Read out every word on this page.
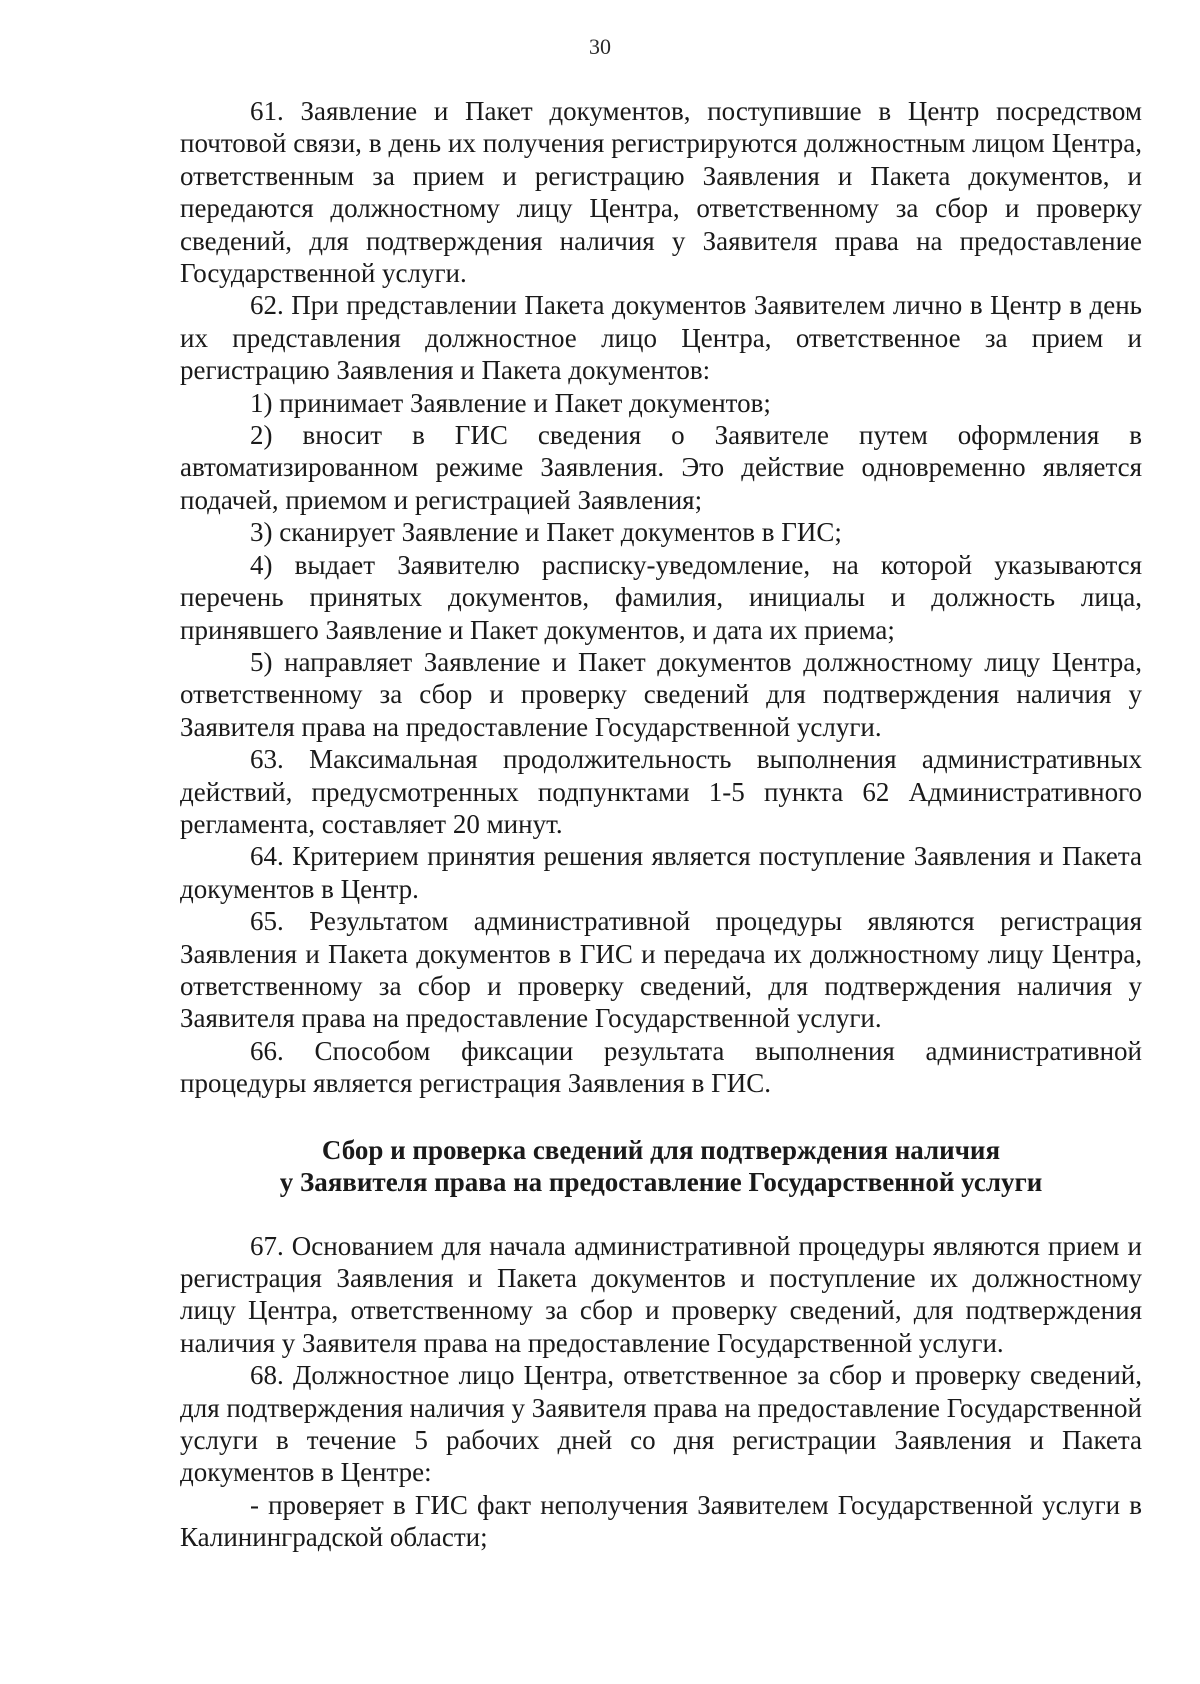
30

61. Заявление и Пакет документов, поступившие в Центр посредством почтовой связи, в день их получения регистрируются должностным лицом Центра, ответственным за прием и регистрацию Заявления и Пакета документов, и передаются должностному лицу Центра, ответственному за сбор и проверку сведений, для подтверждения наличия у Заявителя права на предоставление Государственной услуги.

62. При представлении Пакета документов Заявителем лично в Центр в день их представления должностное лицо Центра, ответственное за прием и регистрацию Заявления и Пакета документов:

1) принимает Заявление и Пакет документов;

2) вносит в ГИС сведения о Заявителе путем оформления в автоматизированном режиме Заявления. Это действие одновременно является подачей, приемом и регистрацией Заявления;

3) сканирует Заявление и Пакет документов в ГИС;

4) выдает Заявителю расписку-уведомление, на которой указываются перечень принятых документов, фамилия, инициалы и должность лица, принявшего Заявление и Пакет документов, и дата их приема;

5) направляет Заявление и Пакет документов должностному лицу Центра, ответственному за сбор и проверку сведений для подтверждения наличия у Заявителя права на предоставление Государственной услуги.

63. Максимальная продолжительность выполнения административных действий, предусмотренных подпунктами 1-5 пункта 62 Административного регламента, составляет 20 минут.

64. Критерием принятия решения является поступление Заявления и Пакета документов в Центр.

65. Результатом административной процедуры являются регистрация Заявления и Пакета документов в ГИС и передача их должностному лицу Центра, ответственному за сбор и проверку сведений, для подтверждения наличия у Заявителя права на предоставление Государственной услуги.

66. Способом фиксации результата выполнения административной процедуры является регистрация Заявления в ГИС.

Сбор и проверка сведений для подтверждения наличия
у Заявителя права на предоставление Государственной услуги

67. Основанием для начала административной процедуры являются прием и регистрация Заявления и Пакета документов и поступление их должностному лицу Центра, ответственному за сбор и проверку сведений, для подтверждения наличия у Заявителя права на предоставление Государственной услуги.

68. Должностное лицо Центра, ответственное за сбор и проверку сведений, для подтверждения наличия у Заявителя права на предоставление Государственной услуги в течение 5 рабочих дней со дня регистрации Заявления и Пакета документов в Центре:

- проверяет в ГИС факт неполучения Заявителем Государственной услуги в Калининградской области;
